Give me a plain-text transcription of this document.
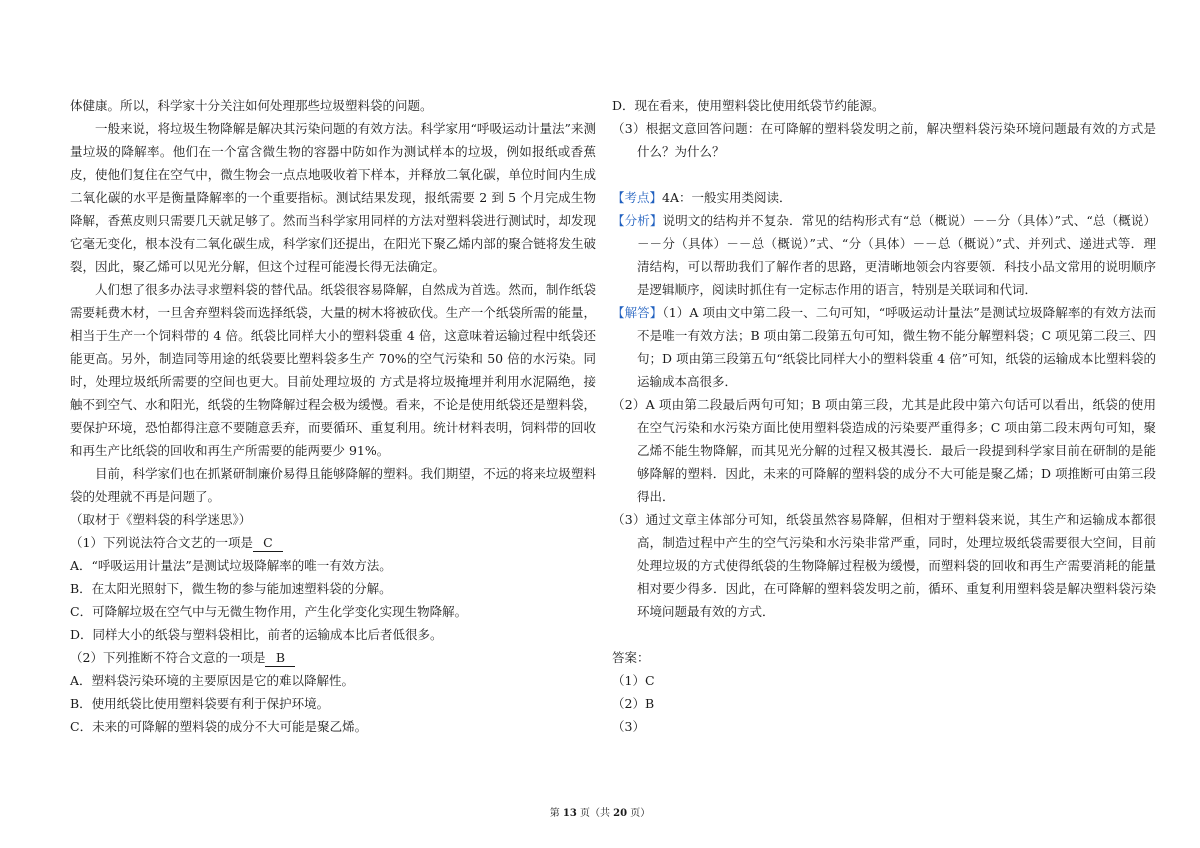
体健康。所以，科学家十分关注如何处理那些垃圾塑料袋的问题。

一般来说，将垃圾生物降解是解决其污染问题的有效方法。科学家用“呼吸运动计量法”来测量垃圾的降解率。他们在一个富含微生物的容器中防如作为测试样本的垃圾，例如报纸或香蕉皮，使他们复住在空气中，微生物会一点点地吸收着下样本，并释放二氧化碳，单位时间内生成二氧化碳的水平是衡量降解率的一个重要指标。测试结果发现，报纸需要 2 到 5 个月完成生物降解，香蕉皮则只需要几天就足够了。然而当科学家用同样的方法对塑料袋进行测试时，却发现它毫无变化，根本没有二氧化碳生成，科学家们还提出，在阳光下聚乙烯内部的聚合链将发生破裂，因此，聚乙烯可以见光分解，但这个过程可能漫长得无法确定。

人们想了很多办法寻求塑料袋的替代品。纸袋很容易降解，自然成为首选。然而，制作纸袋需要耗费木材，一旦舍弃塑料袋而选择纸袋，大量的树木将被砍伐。生产一个纸袋所需的能量，相当于生产一个饲料带的 4 倍。纸袋比同样大小的塑料袋重 4 倍，这意味着运输过程中纸袋还能更高。另外，制造同等用途的纸袋要比塑料袋多生产 70%的空气污染和 50 倍的水污染。同时，处理垃圾纸所需要的空间也更大。目前处理垃圾的 方式是将垃圾掩埋并利用水泥隔绝，接触不到空气、水和阳光，纸袋的生物降解过程会极为缓慢。看来，不论是使用纸袋还是塑料袋，要保护环境，恐怕都得注意不要随意丢弃，而要循环、重复利用。统计材料表明，饲料带的回收和再生产比纸袋的回收和再生产所需要的能两要少 91%。

目前，科学家们也在抓紧研制廉价易得且能够降解的塑料。我们期望，不远的将来垃圾塑料袋的处理就不再是问题了。

（取材于《塑料袋的科学迷思》）

（1）下列说法符合文艺的一项是 C

A．“呼吸运用计量法”是测试垃圾降解率的唯一有效方法。

B．在太阳光照射下，微生物的参与能加速塑料袋的分解。

C．可降解垃圾在空气中与无微生物作用，产生化学变化实现生物降解。

D．同样大小的纸袋与塑料袋相比，前者的运输成本比后者低很多。

（2）下列推断不符合文意的一项是 B

A．塑料袋污染环境的主要原因是它的难以降解性。

B．使用纸袋比使用塑料袋要有利于保护环境。

C．未来的可降解的塑料袋的成分不大可能是聚乙烯。

D．现在看来，使用塑料袋比使用纸袋节约能源。

（3）根据文意回答问题：在可降解的塑料袋发明之前，解决塑料袋污染环境问题最有效的方式是什么？为什么？

【考点】4A：一般实用类阅读．

【分析】说明文的结构并不复杂．常见的结构形式有“总（概说）－－分（具体）”式、“总（概说）－－分（具体）－－总（概说）”式、“分（具体）－－总（概说）”式、并列式、递进式等．理清结构，可以帮助我们了解作者的思路，更清晰地领会内容要领．科技小品文常用的说明顺序是逻辑顺序，阅读时抓住有一定标志作用的语言，特别是关联词和代词．

【解答】（1）A 项由文中第二段一、二句可知，“呼吸运动计量法”是测试垃圾降解率的有效方法而不是唯一有效方法；B 项由第二段第五句可知，微生物不能分解塑料袋；C 项见第二段三、四句；D 项由第三段第五句“纸袋比同样大小的塑料袋重 4 倍”可知，纸袋的运输成本比塑料袋的运输成本高很多．

（2）A 项由第二段最后两句可知；B 项由第三段，尤其是此段中第六句话可以看出，纸袋的使用在空气污染和水污染方面比使用塑料袋造成的污染要严重得多；C 项由第二段末两句可知，聚乙烯不能生物降解，而其见光分解的过程又极其漫长．最后一段提到科学家目前在研制的是能够降解的塑料．因此，未来的可降解的塑料袋的成分不大可能是聚乙烯；D 项推断可由第三段得出．

（3）通过文章主体部分可知，纸袋虽然容易降解，但相对于塑料袋来说，其生产和运输成本都很高，制造过程中产生的空气污染和水污染非常严重，同时，处理垃圾纸袋需要很大空间，目前处理垃圾的方式使得纸袋的生物降解过程极为缓慢，而塑料袋的回收和再生产需要消耗的能量相对要少得多．因此，在可降解的塑料袋发明之前，循环、重复利用塑料袋是解决塑料袋污染环境问题最有效的方式．

答案：

（1）C

（2）B

（3）

第 13 页（共 20 页）
